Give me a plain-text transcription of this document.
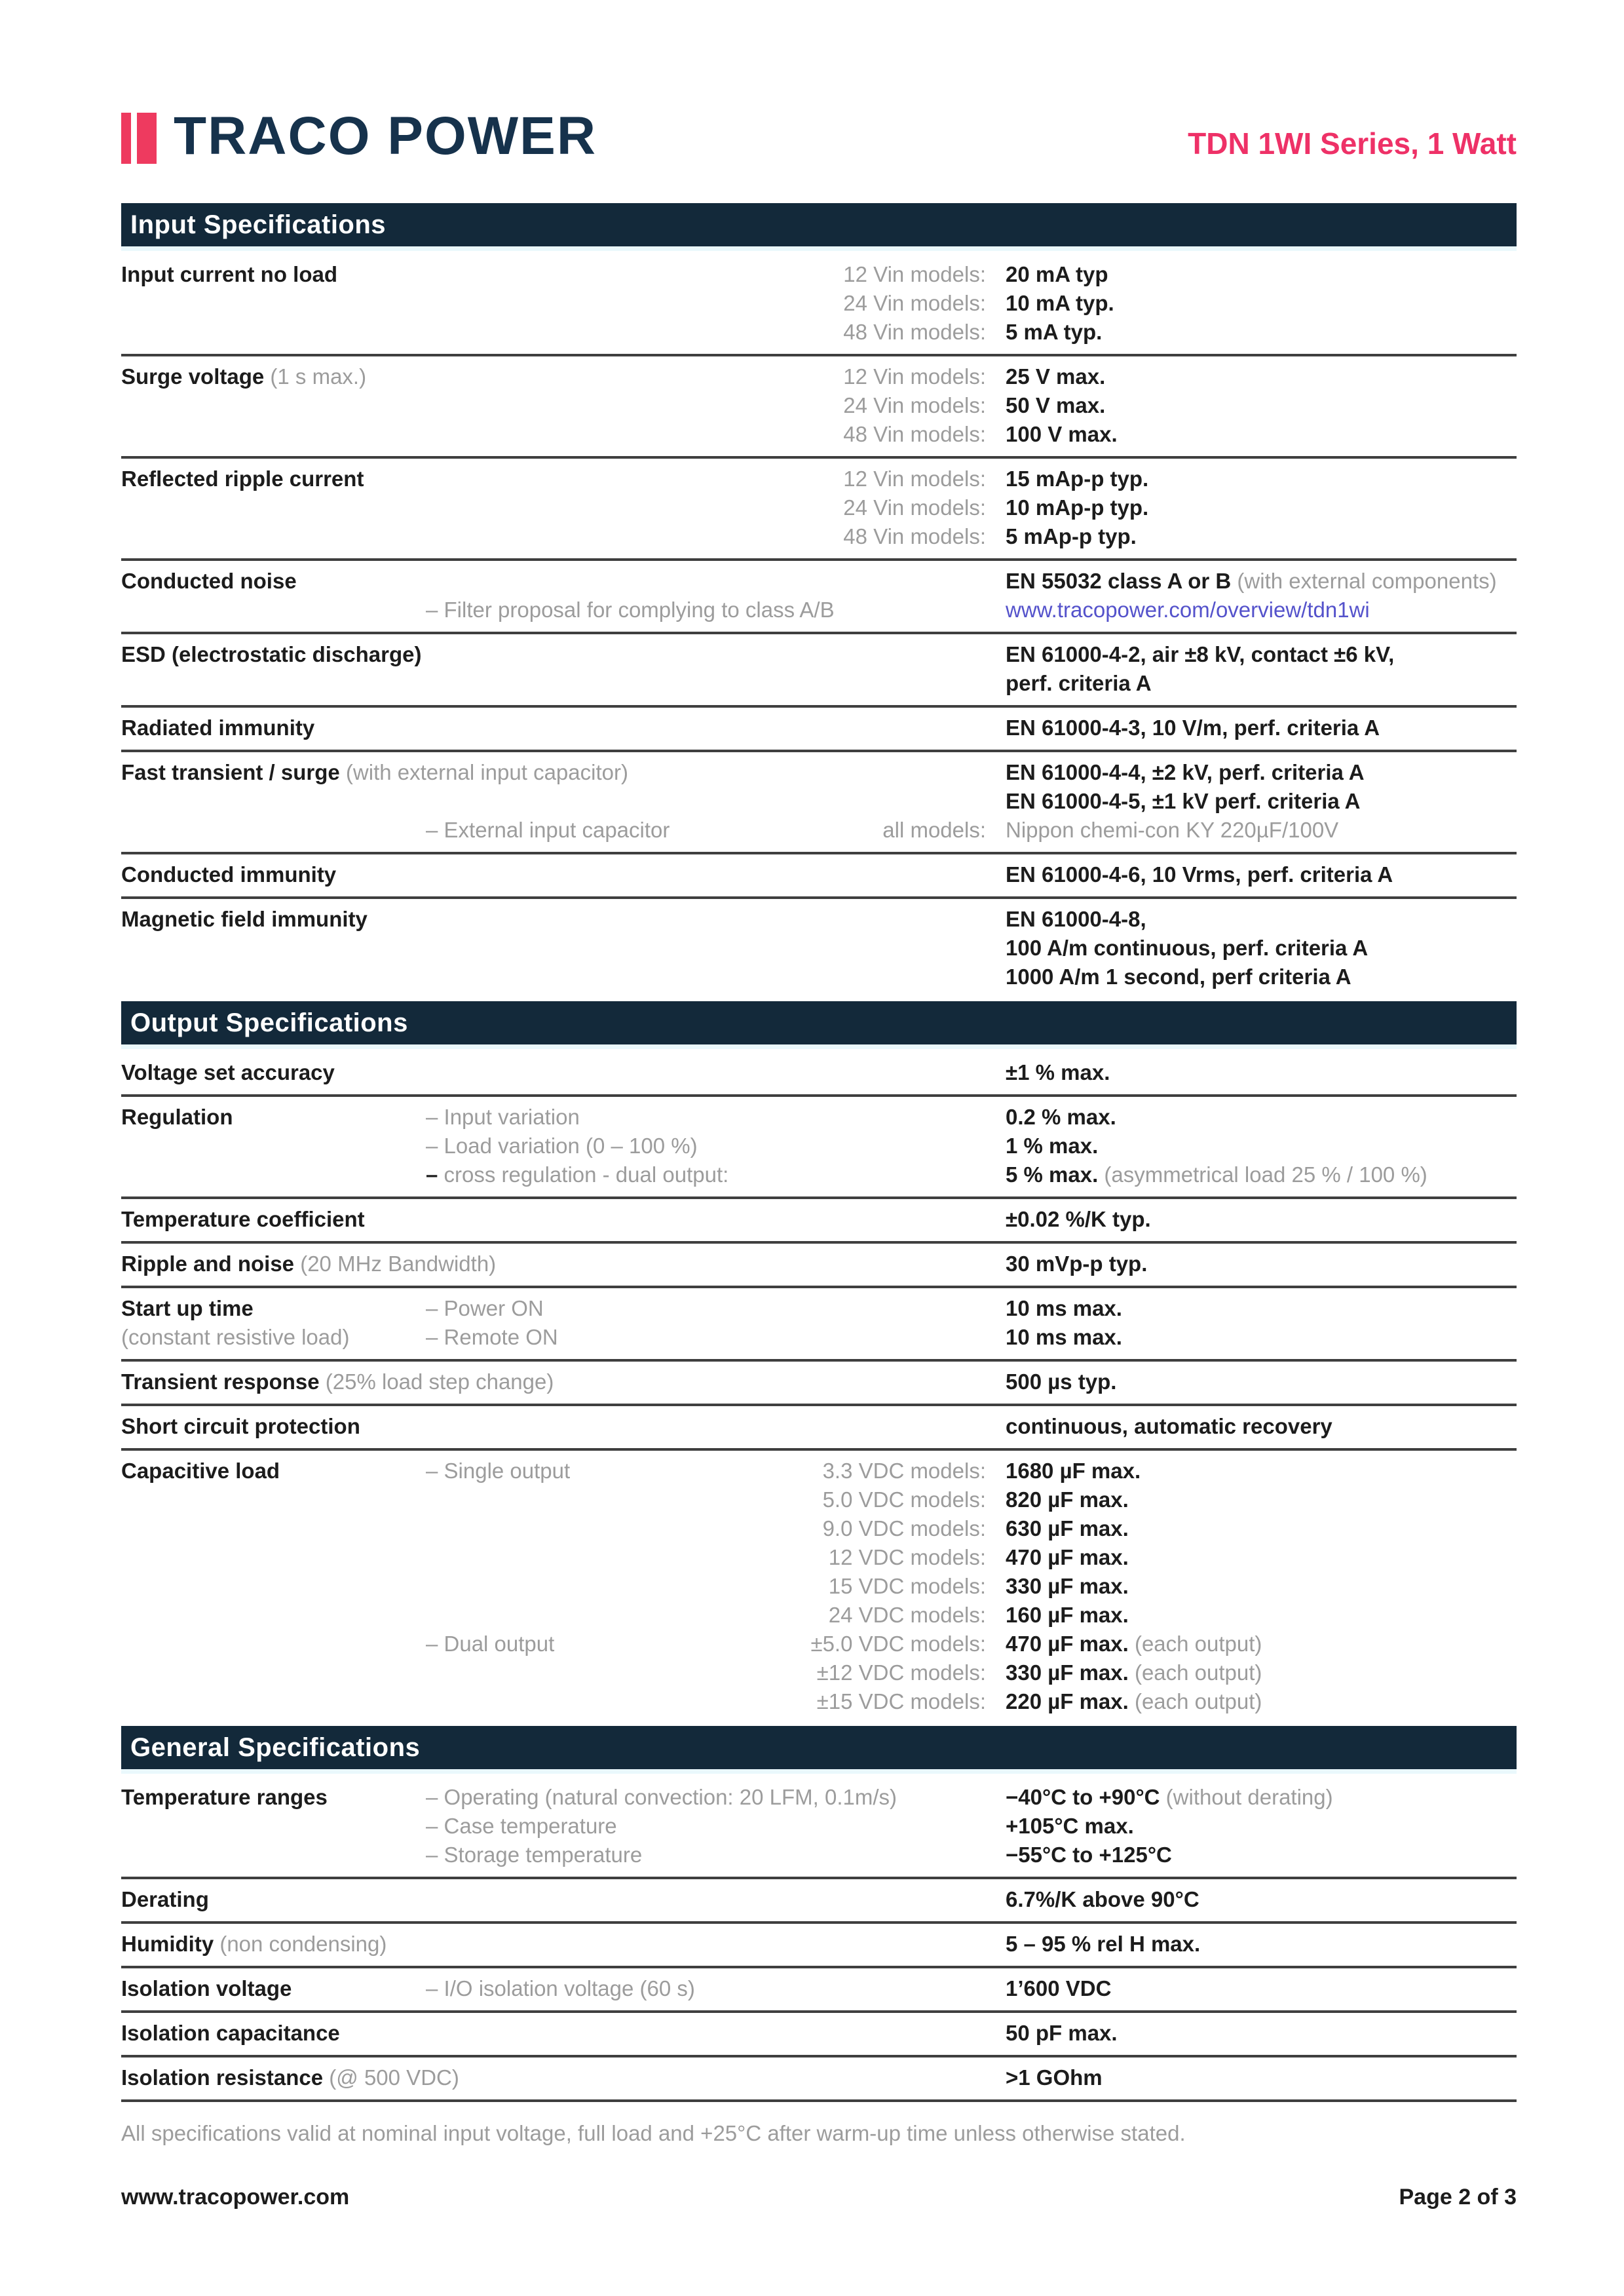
TRACO POWER	TDN 1WI Series, 1 Watt
Input Specifications
Input current no load	12 Vin models: 20 mA typ
24 Vin models: 10 mA typ.
48 Vin models: 5 mA typ.
Surge voltage (1 s max.)	12 Vin models: 25 V max.
24 Vin models: 50 V max.
48 Vin models: 100 V max.
Reflected ripple current	12 Vin models: 15 mAp-p typ.
24 Vin models: 10 mAp-p typ.
48 Vin models: 5 mAp-p typ.
Conducted noise	EN 55032 class A or B (with external components)
– Filter proposal for complying to class A/B	www.tracopower.com/overview/tdn1wi
ESD (electrostatic discharge)	EN 61000-4-2, air ±8 kV, contact ±6 kV,
perf. criteria A
Radiated immunity	EN 61000-4-3, 10 V/m, perf. criteria A
Fast transient / surge (with external input capacitor)	EN 61000-4-4, ±2 kV, perf. criteria A
EN 61000-4-5, ±1 kV perf. criteria A
– External input capacitor	all models: Nippon chemi-con KY 220µF/100V
Conducted immunity	EN 61000-4-6, 10 Vrms, perf. criteria A
Magnetic field immunity	EN 61000-4-8,
100 A/m continuous, perf. criteria A
1000 A/m 1 second, perf criteria A
Output Specifications
Voltage set accuracy	±1 % max.
Regulation	– Input variation	0.2 % max.
– Load variation (0 – 100 %)	1 % max.
– cross regulation - dual output:	5 % max. (asymmetrical load 25 % / 100 %)
Temperature coefficient	±0.02 %/K typ.
Ripple and noise (20 MHz Bandwidth)	30 mVp-p typ.
Start up time	– Power ON	10 ms max.
(constant resistive load)	– Remote ON	10 ms max.
Transient response (25% load step change)	500 µs typ.
Short circuit protection	continuous, automatic recovery
Capacitive load	– Single output	3.3 VDC models: 1680 µF max.
5.0 VDC models: 820 µF max.
9.0 VDC models: 630 µF max.
12 VDC models: 470 µF max.
15 VDC models: 330 µF max.
24 VDC models: 160 µF max.
– Dual output	±5.0 VDC models: 470 µF max. (each output)
±12 VDC models: 330 µF max. (each output)
±15 VDC models: 220 µF max. (each output)
General Specifications
Temperature ranges	– Operating (natural convection: 20 LFM, 0.1m/s)	−40°C to +90°C (without derating)
– Case temperature	+105°C max.
– Storage temperature	−55°C to +125°C
Derating	6.7%/K above 90°C
Humidity (non condensing)	5 – 95 % rel H max.
Isolation voltage	– I/O isolation voltage (60 s)	1’600 VDC
Isolation capacitance	50 pF max.
Isolation resistance (@ 500 VDC)	>1 GOhm
All specifications valid at nominal input voltage, full load and +25°C after warm-up time unless otherwise stated.
www.tracopower.com	Page 2 of 3
